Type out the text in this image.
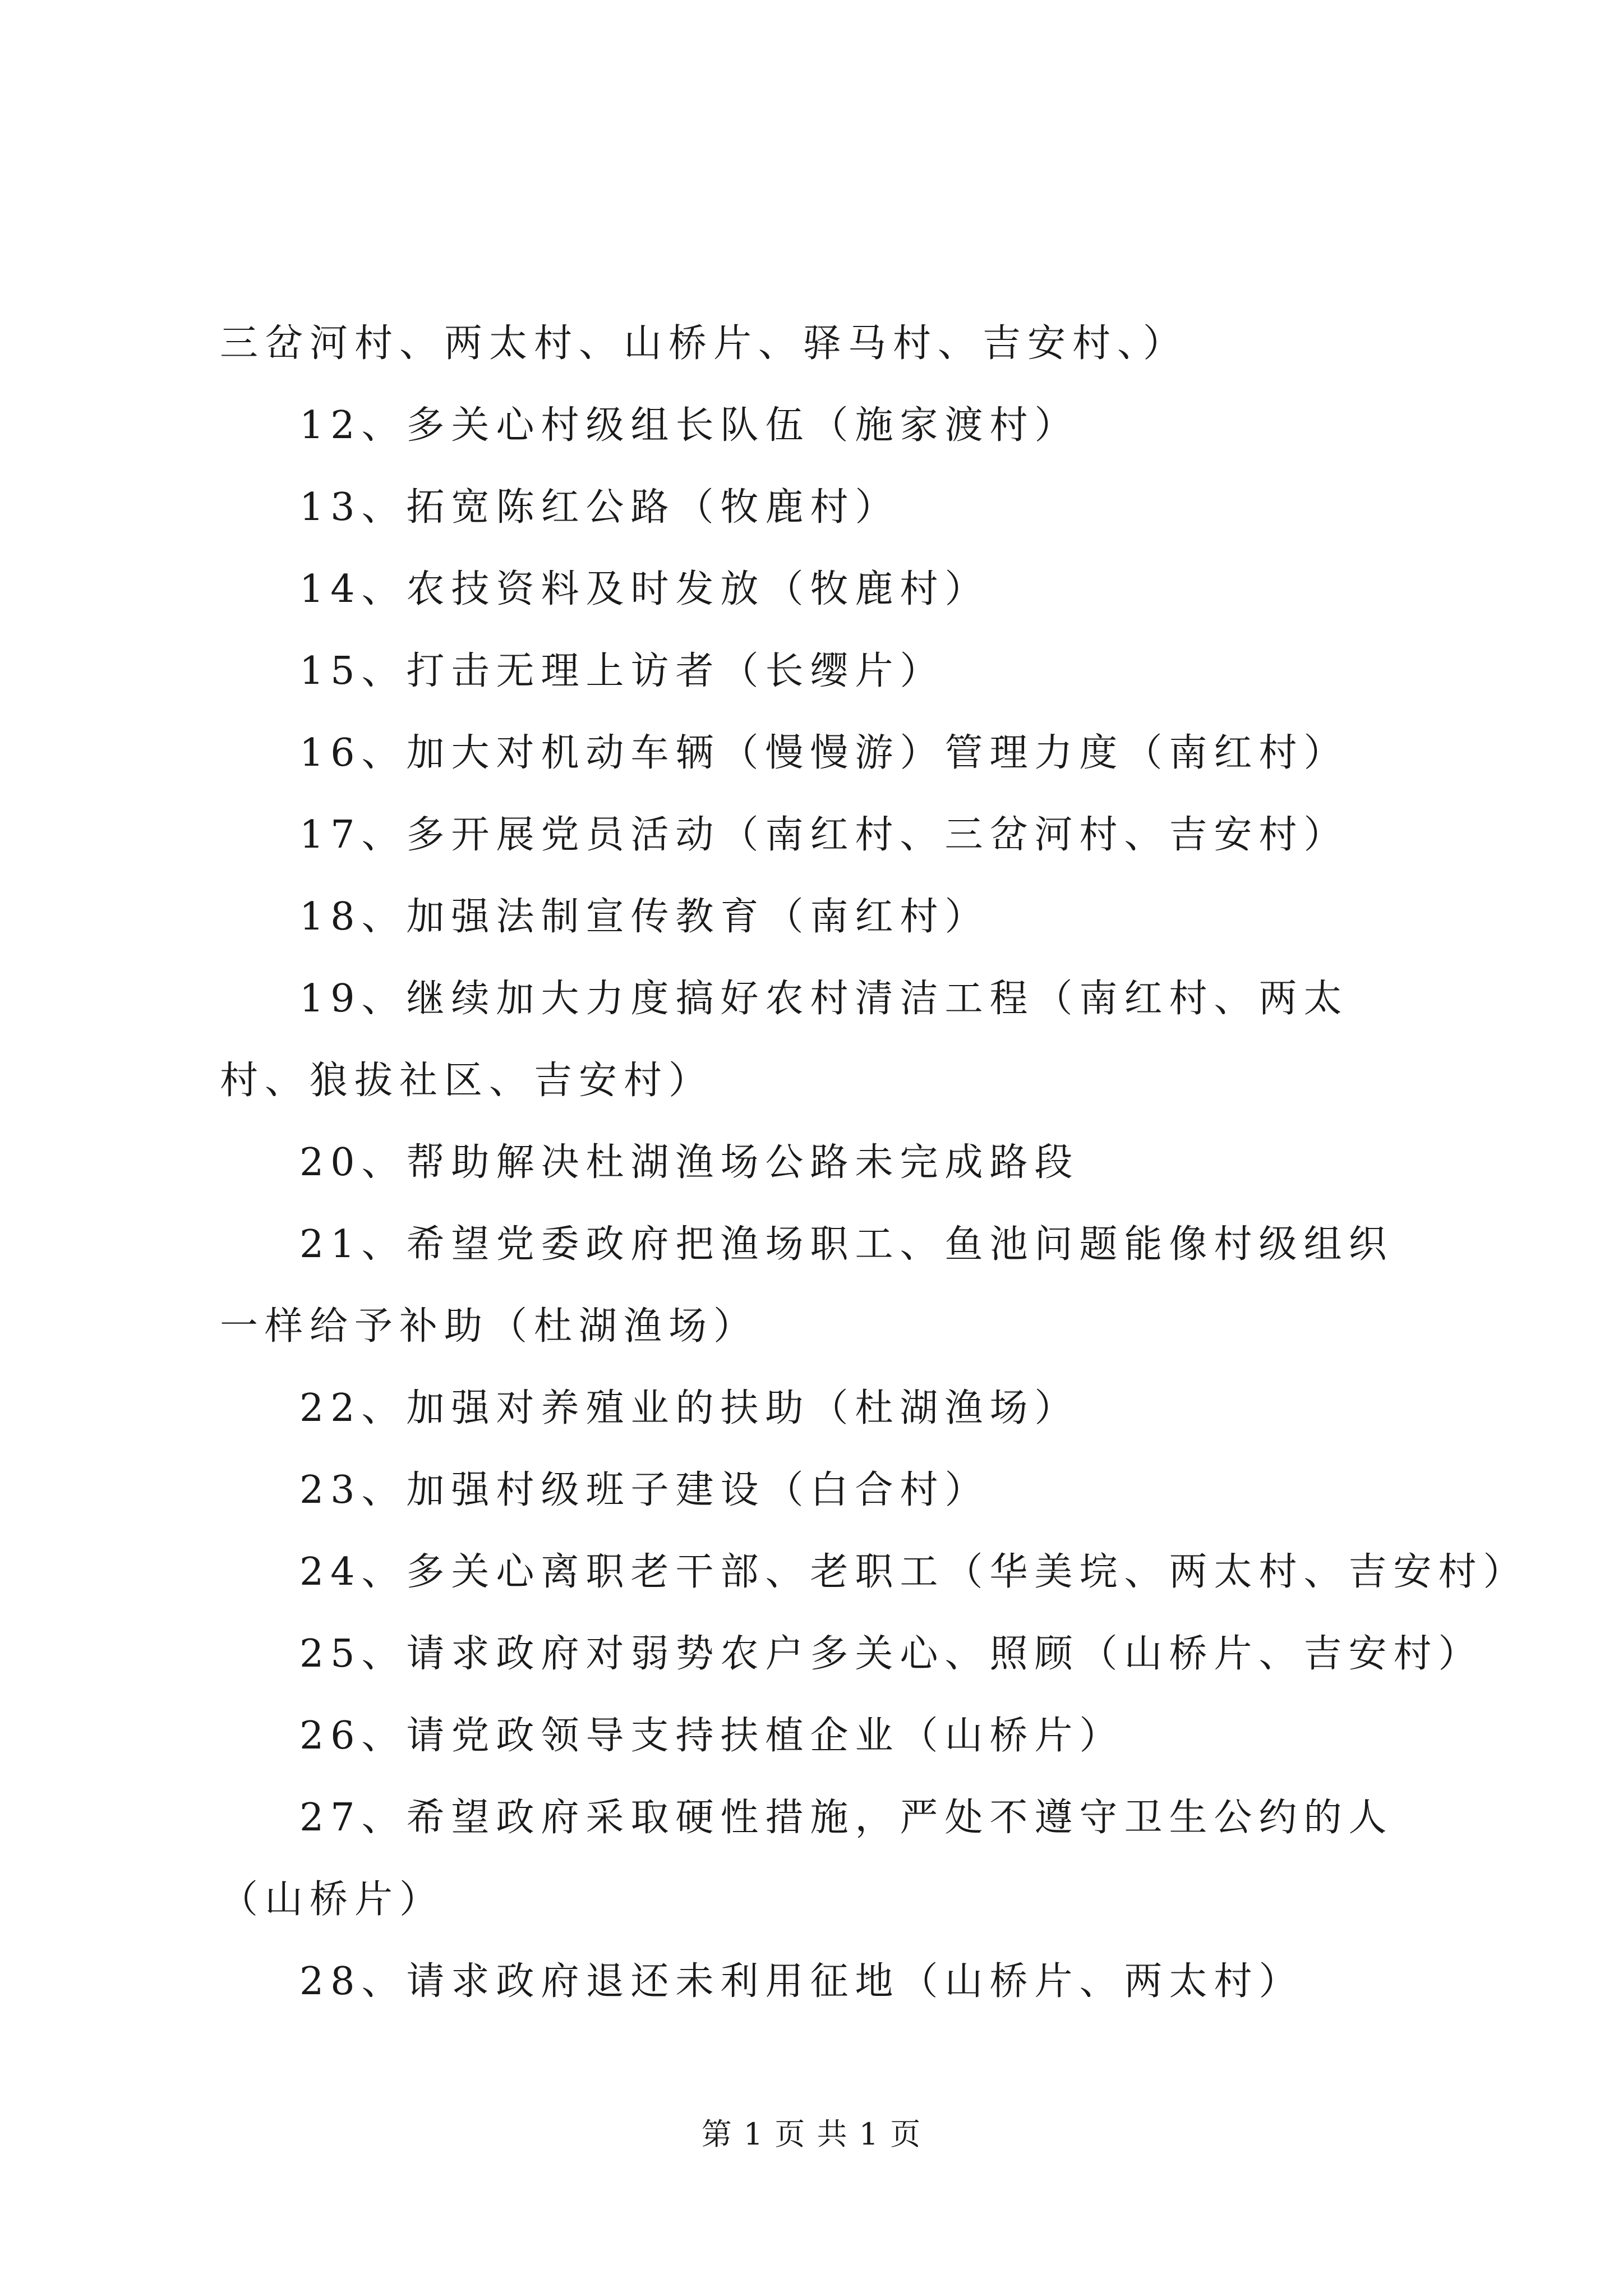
三岔河村、两太村、山桥片、驿马村、吉安村、）

12、多关心村级组长队伍（施家渡村）

13、拓宽陈红公路（牧鹿村）

14、农技资料及时发放（牧鹿村）

15、打击无理上访者（长缨片）

16、加大对机动车辆（慢慢游）管理力度（南红村）

17、多开展党员活动（南红村、三岔河村、吉安村）

18、加强法制宣传教育（南红村）

19、继续加大力度搞好农村清洁工程（南红村、两太村、狼拔社区、吉安村）

20、帮助解决杜湖渔场公路未完成路段

21、希望党委政府把渔场职工、鱼池问题能像村级组织一样给予补助（杜湖渔场）

22、加强对养殖业的扶助（杜湖渔场）

23、加强村级班子建设（白合村）

24、多关心离职老干部、老职工（华美垸、两太村、吉安村）

25、请求政府对弱势农户多关心、照顾（山桥片、吉安村）

26、请党政领导支持扶植企业（山桥片）

27、希望政府采取硬性措施，严处不遵守卫生公约的人（山桥片）

28、请求政府退还未利用征地（山桥片、两太村）

第 1 页 共 1 页
